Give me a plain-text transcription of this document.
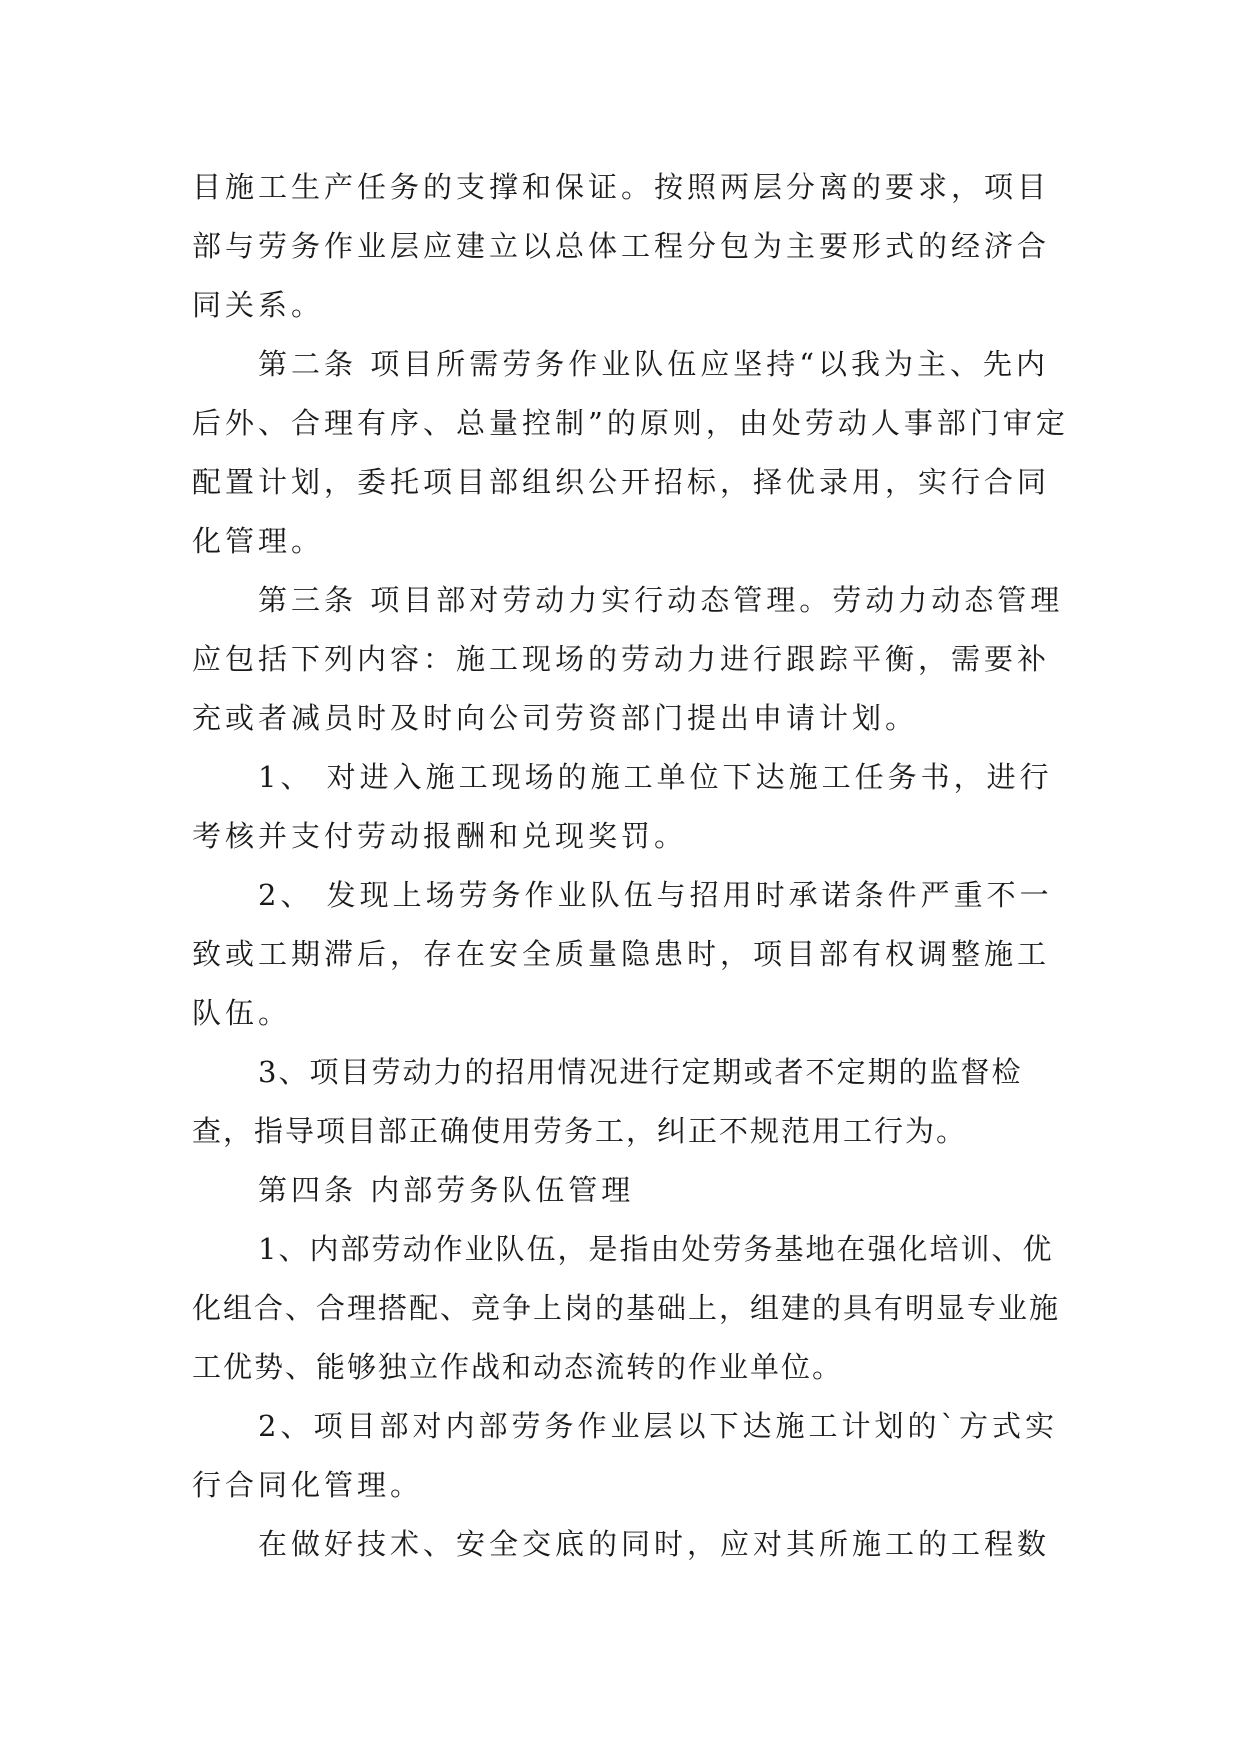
目施工生产任务的支撑和保证。按照两层分离的要求，项目部与劳务作业层应建立以总体工程分包为主要形式的经济合同关系。

第二条 项目所需劳务作业队伍应坚持“以我为主、先内后外、合理有序、总量控制”的原则，由处劳动人事部门审定配置计划，委托项目部组织公开招标，择优录用，实行合同化管理。

第三条 项目部对劳动力实行动态管理。劳动力动态管理应包括下列内容：施工现场的劳动力进行跟踪平衡，需要补充或者减员时及时向公司劳资部门提出申请计划。

1、 对进入施工现场的施工单位下达施工任务书，进行考核并支付劳动报酬和兑现奖罚。

2、 发现上场劳务作业队伍与招用时承诺条件严重不一致或工期滞后，存在安全质量隐患时，项目部有权调整施工队伍。

3、项目劳动力的招用情况进行定期或者不定期的监督检查，指导项目部正确使用劳务工，纠正不规范用工行为。

第四条 内部劳务队伍管理

1、内部劳动作业队伍，是指由处劳务基地在强化培训、优化组合、合理搭配、竞争上岗的基础上，组建的具有明显专业施工优势、能够独立作战和动态流转的作业单位。

2、项目部对内部劳务作业层以下达施工计划的`方式实行合同化管理。

在做好技术、安全交底的同时，应对其所施工的工程数
